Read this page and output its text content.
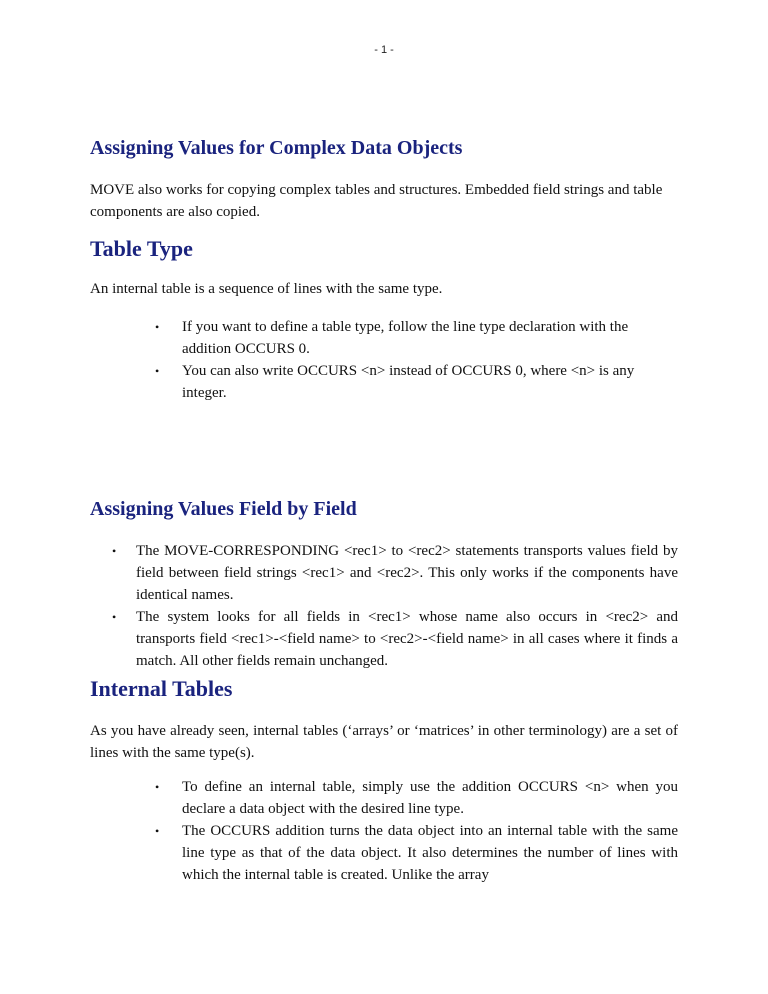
- 1 -
Assigning Values for Complex Data Objects

MOVE also works for copying complex tables and structures. Embedded field strings and table components are also copied.

Table Type

An internal table is a sequence of lines with the same type.

• If you want to define a table type, follow the line type declaration with the addition OCCURS 0.
• You can also write OCCURS <n> instead of OCCURS 0, where <n> is any integer.
Assigning Values Field by Field
• The MOVE-CORRESPONDING <rec1> to <rec2> statements transports values field by field between field strings <rec1> and <rec2>. This only works if the components have identical names.
• The system looks for all fields in <rec1> whose name also occurs in <rec2> and transports field <rec1>-<field name> to <rec2>-<field name> in all cases where it finds a match. All other fields remain unchanged.
Internal Tables

As you have already seen, internal tables (‘arrays’ or ‘matrices’ in other terminology) are a set of lines with the same type(s).

• To define an internal table, simply use the addition OCCURS <n> when you declare a data object with the desired line type.
• The OCCURS addition turns the data object into an internal table with the same line type as that of the data object. It also determines the number of lines with which the internal table is created. Unlike the array
